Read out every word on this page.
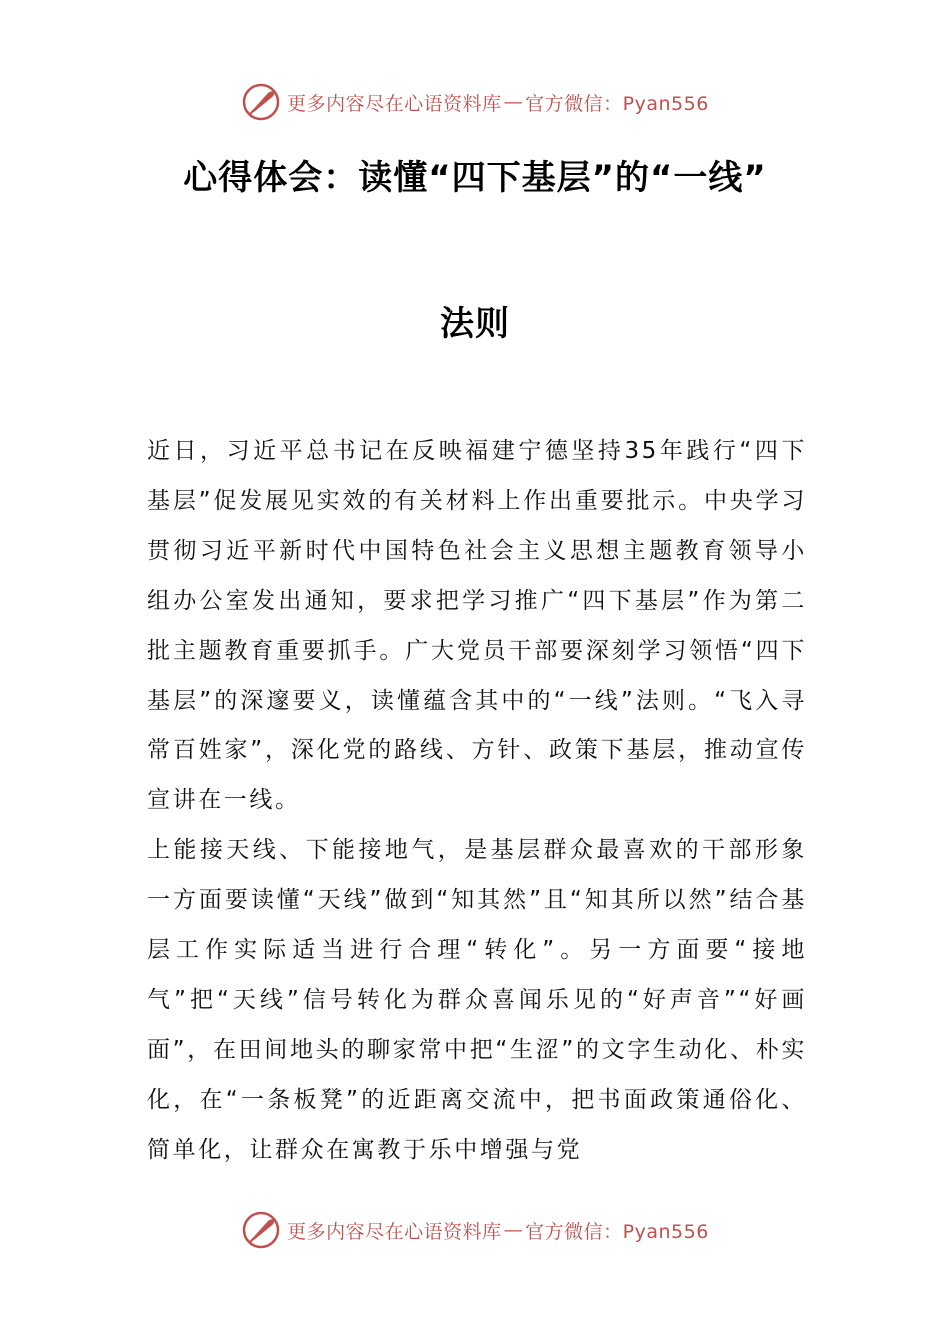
更多内容尽在心语资料库 — 官方微信：Pyan556
心得体会：读懂“四下基层”的“一线”
法则

近日，习近平总书记在反映福建宁德坚持35年践行“四下基层”促发展见实效的有关材料上作出重要批示。中央学习贯彻习近平新时代中国特色社会主义思想主题教育领导小组办公室发出通知，要求把学习推广“四下基层”作为第二批主题教育重要抓手。广大党员干部要深刻学习领悟“四下基层”的深邃要义，读懂蕴含其中的“一线”法则。“飞入寻常百姓家”，深化党的路线、方针、政策下基层，推动宣传宣讲在一线。

上能接天线、下能接地气，是基层群众最喜欢的干部形象一方面要读懂“天线”做到“知其然”且“知其所以然”结合基层工作实际适当进行合理“转化”。另一方面要“接地气”把“天线”信号转化为群众喜闻乐见的“好声音”“好画面”，在田间地头的聊家常中把“生涩”的文字生动化、朴实化，在“一条板凳”的近距离交流中，把书面政策通俗化、简单化，让群众在寓教于乐中增强与党

更多内容尽在心语资料库 — 官方微信：Pyan556
